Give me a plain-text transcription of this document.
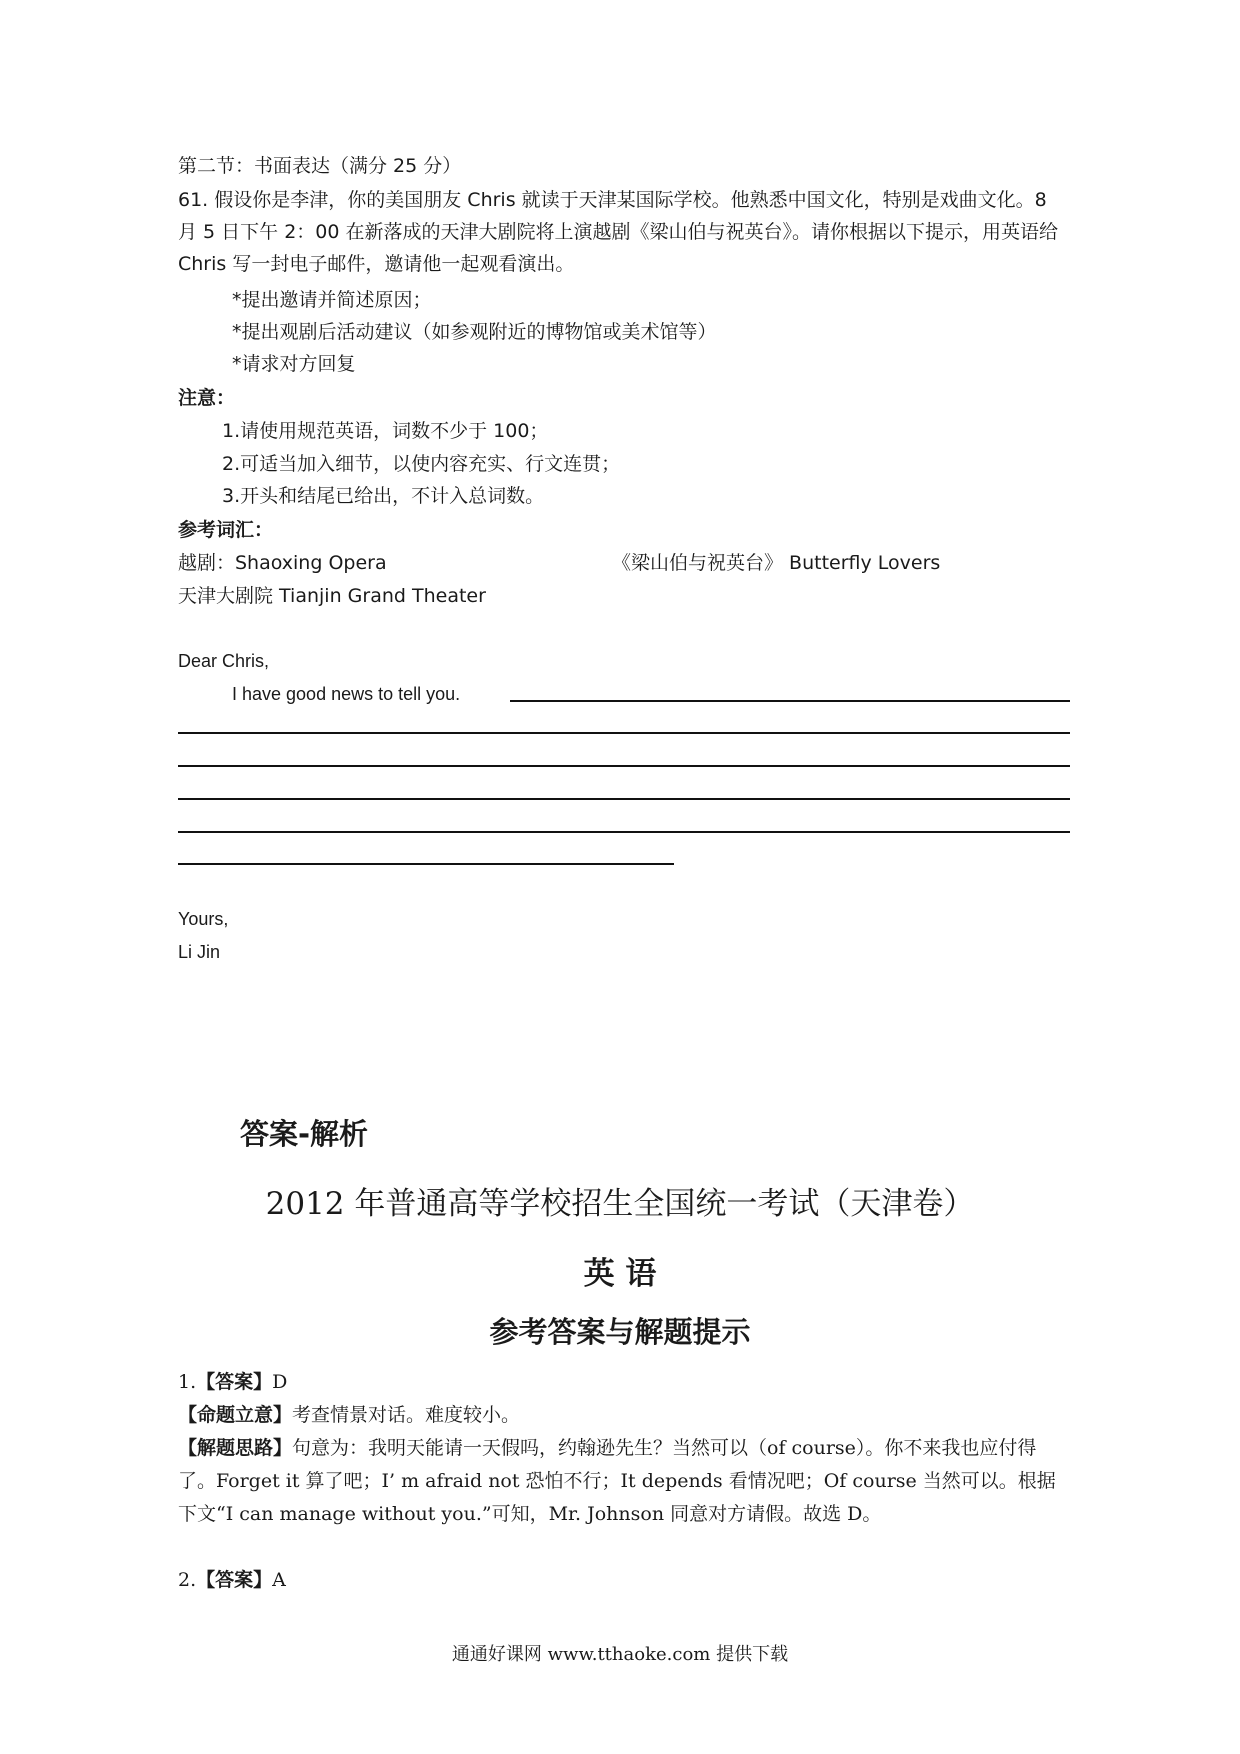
第二节：书面表达（满分 25 分）
61. 假设你是李津，你的美国朋友 Chris 就读于天津某国际学校。他熟悉中国文化，特别是戏曲文化。8 月 5 日下午 2：00 在新落成的天津大剧院将上演越剧《梁山伯与祝英台》。请你根据以下提示，用英语给 Chris 写一封电子邮件，邀请他一起观看演出。
*提出邀请并简述原因；
*提出观剧后活动建议（如参观附近的博物馆或美术馆等）
*请求对方回复
注意：
1.请使用规范英语，词数不少于 100；
2.可适当加入细节，以使内容充实、行文连贯；
3.开头和结尾已给出，不计入总词数。
参考词汇：
越剧：Shaoxing Opera	《梁山伯与祝英台》 Butterfly Lovers
天津大剧院 Tianjin Grand Theater
Dear Chris,
I have good news to tell you.
Yours,
Li Jin
答案-解析
2012 年普通高等学校招生全国统一考试（天津卷）
英 语
参考答案与解题提示
1.【答案】D
【命题立意】考查情景对话。难度较小。
【解题思路】句意为：我明天能请一天假吗，约翰逊先生？当然可以（of course）。你不来我也应付得了。Forget it 算了吧；I’ m afraid not 恐怕不行；It depends 看情况吧；Of course 当然可以。根据下文“I can manage without you.”可知，Mr. Johnson 同意对方请假。故选 D。
2.【答案】A
通通好课网 www.tthaoke.com 提供下载
